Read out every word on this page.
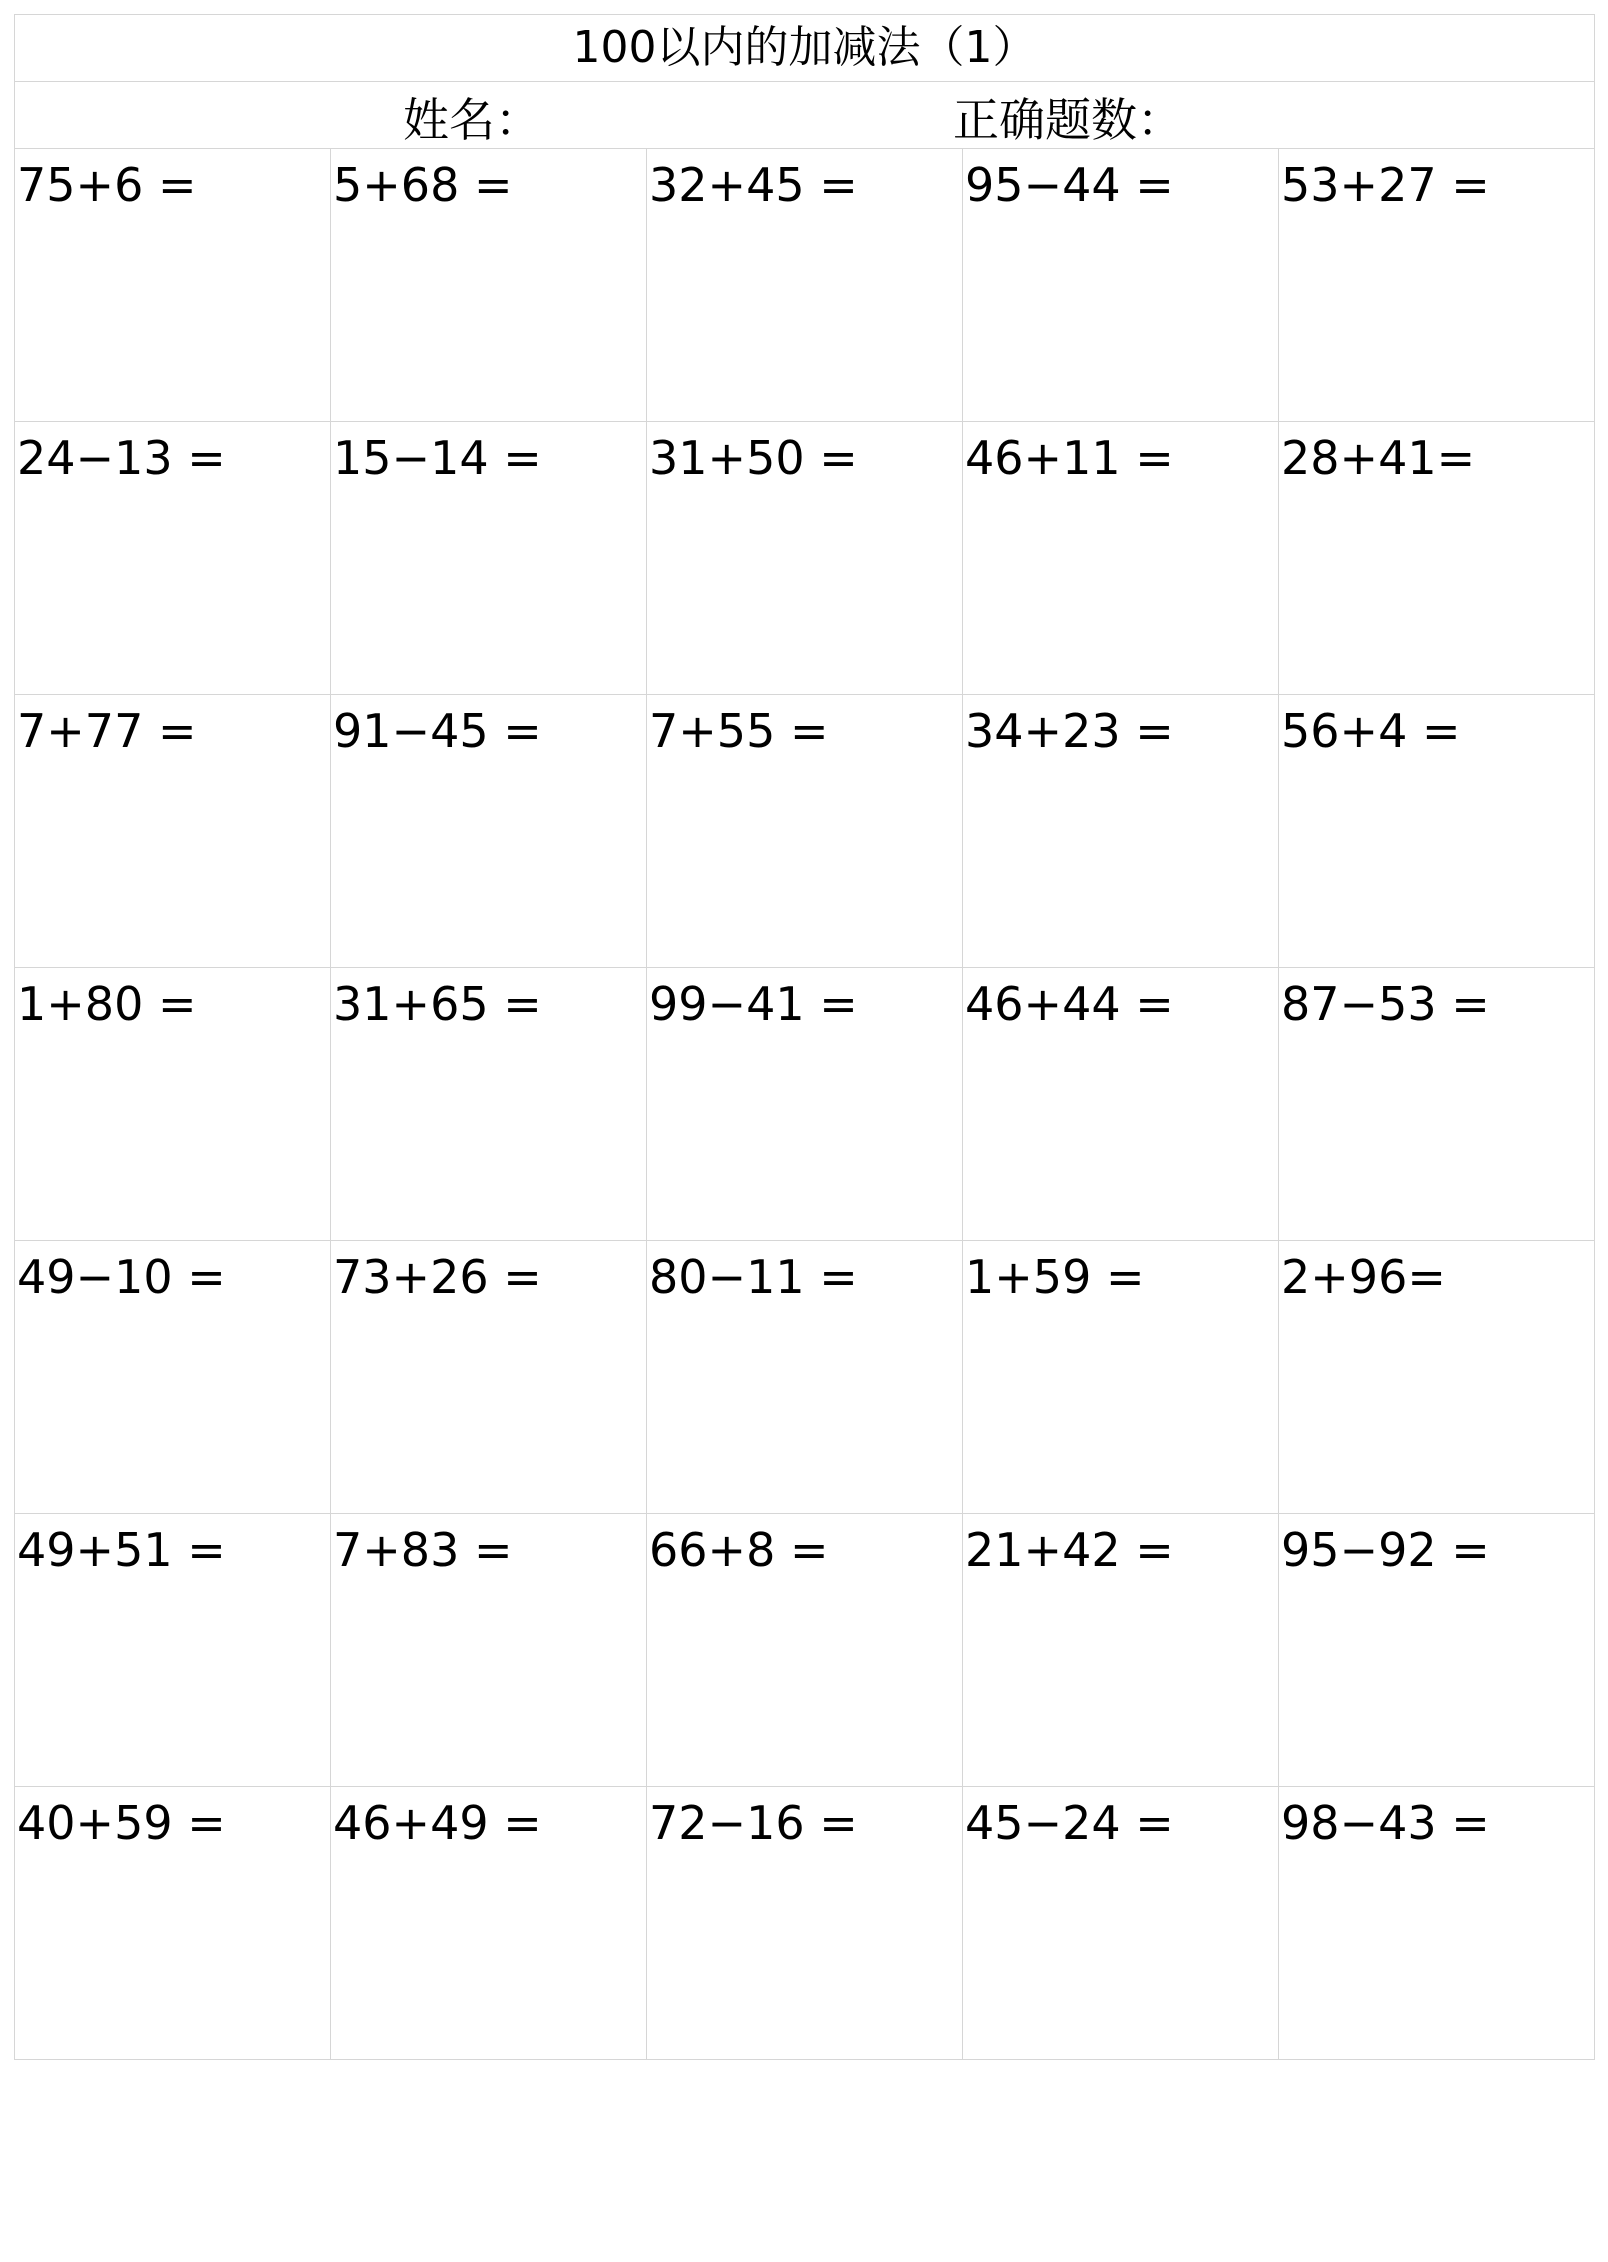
100以内的加减法（1）				

姓名： 正确题数：				

75+6 =	5+68 =	32+45 =	95−44 =	53+27 =

24−13 =	15−14 =	31+50 =	46+11 =	28+41=

7+77 =	91−45 =	7+55 =	34+23 =	56+4 =

1+80 =	31+65 =	99−41 =	46+44 =	87−53 =

49−10 =	73+26 =	80−11 =	1+59 =	2+96=

49+51 =	7+83 =	66+8 =	21+42 =	95−92 =

40+59 =	46+49 =	72−16 =	45−24 =	98−43 =
